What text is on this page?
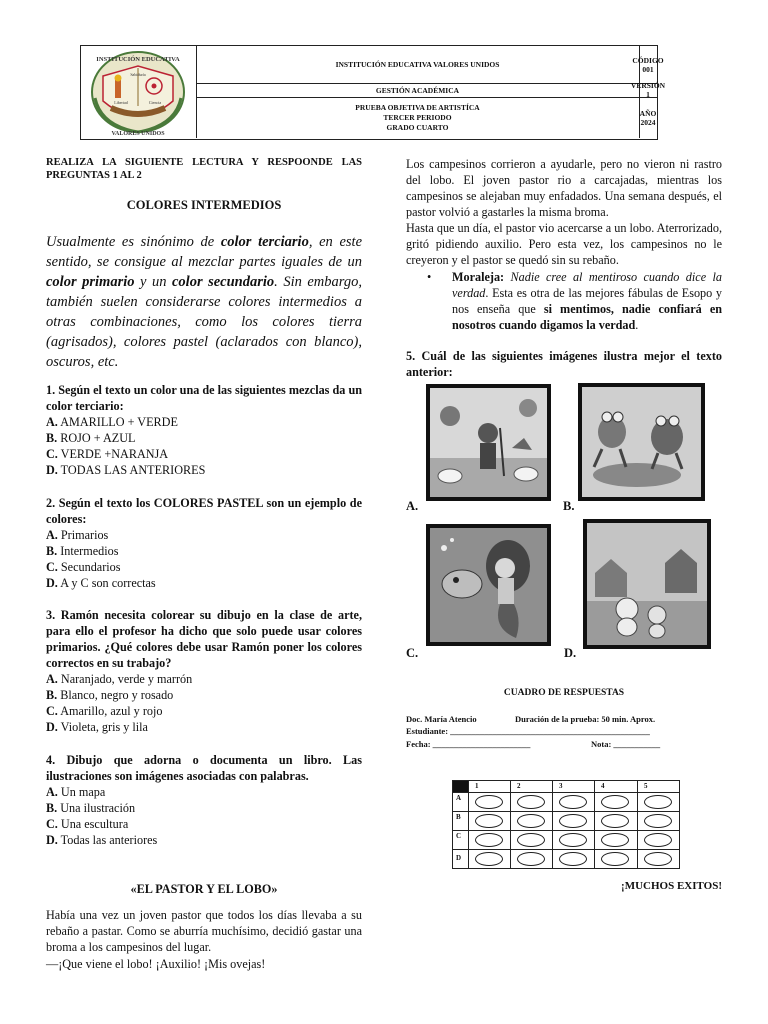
INSTITUCIÓN EDUCATIVA
VALORES UNIDOS
Libertad	Ciencia
Sabiduría
INSTITUCIÓN EDUCATIVA VALORES UNIDOS	CÓDIGO 001
GESTIÓN ACADÉMICA	VERSIÓN 1
PRUEBA OBJETIVA DE ARTISTÍCA
TERCER PERIODO
GRADO CUARTO
AÑO 2024
REALIZA LA SIGUIENTE LECTURA Y RESPOONDE LAS PREGUNTAS 1 AL 2
COLORES INTERMEDIOS
Usualmente es sinónimo de color terciario, en este sentido, se consigue al mezclar partes iguales de un color primario y un color secundario. Sin embargo, también suelen considerarse colores intermedios a otras combinaciones, como los colores tierra (agrisados), colores pastel (aclarados con blanco), oscuros, etc.
1. Según el texto un color una de las siguientes mezclas da un color terciario:
A. AMARILLO + VERDE
B. ROJO + AZUL
C. VERDE +NARANJA
D. TODAS LAS ANTERIORES
2. Según el texto los COLORES PASTEL son un ejemplo de colores:
A. Primarios
B. Intermedios
C. Secundarios
D. A y C son correctas
3. Ramón necesita colorear su dibujo en la clase de arte, para ello el profesor ha dicho que solo puede usar colores primarios. ¿Qué colores debe usar Ramón poner los colores correctos en su trabajo?
A. Naranjado, verde y marrón
B. Blanco, negro y rosado
C. Amarillo, azul y rojo
D. Violeta, gris y lila
4. Dibujo que adorna o documenta un libro. Las ilustraciones son imágenes asociadas con palabras.
A. Un mapa
B. Una ilustración
C. Una escultura
D. Todas las anteriores
«EL PASTOR Y EL LOBO»
Había una vez un joven pastor que todos los días llevaba a su rebaño a pastar. Como se aburría muchísimo, decidió gastar una broma a los campesinos del lugar.
—¡Que viene el lobo! ¡Auxilio! ¡Mis ovejas!
Los campesinos corrieron a ayudarle, pero no vieron ni rastro del lobo. El joven pastor rio a carcajadas, mientras los campesinos se alejaban muy enfadados. Una semana después, el pastor volvió a gastarles la misma broma.
Hasta que un día, el pastor vio acercarse a un lobo. Aterrorizado, gritó pidiendo auxilio. Pero esta vez, los campesinos no le creyeron y el pastor se quedó sin su rebaño.
• Moraleja: Nadie cree al mentiroso cuando dice la verdad. Esta es otra de las mejores fábulas de Esopo y nos enseña que si mentimos, nadie confiará en nosotros cuando digamos la verdad.
5. Cuál de las siguientes imágenes ilustra mejor el texto anterior:
A.	B.
C.	D.
CUADRO DE RESPUESTAS
Doc. María Atencio	Duración de la prueba: 50 min. Aprox.
Estudiante: _______________________________________________
Fecha: _______________________	Nota: ___________
1	2	3	4	5
A
B
C
D
¡MUCHOS EXITOS!
